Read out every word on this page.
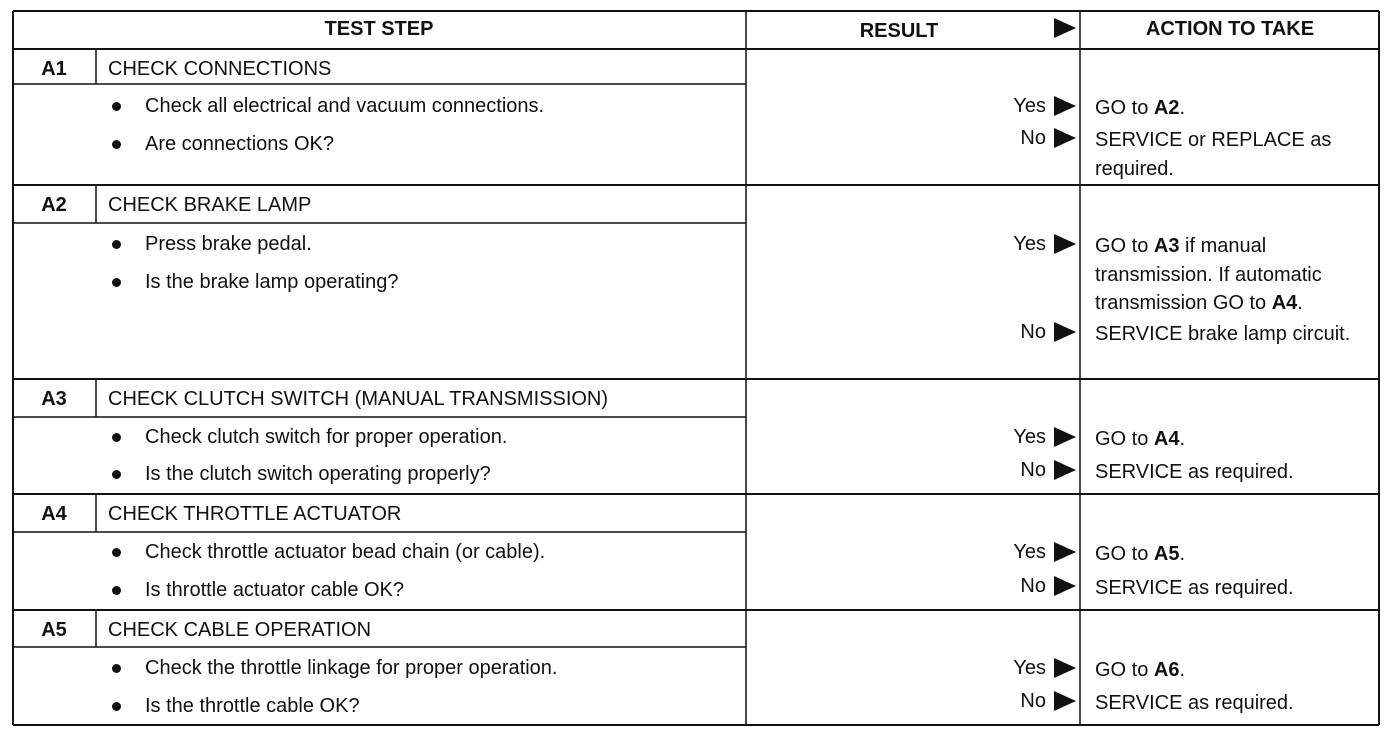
TEST STEP	RESULT	ACTION TO TAKE
A1	CHECK CONNECTIONS
Check all electrical and vacuum connections.
Are connections OK?
Yes GO to A2.
No SERVICE or REPLACE as required.
A2	CHECK BRAKE LAMP
Press brake pedal.
Is the brake lamp operating?
Yes GO to A3 if manual transmission. If automatic transmission GO to A4.
No SERVICE brake lamp circuit.
A3	CHECK CLUTCH SWITCH (MANUAL TRANSMISSION)
Check clutch switch for proper operation.
Is the clutch switch operating properly?
Yes GO to A4.
No SERVICE as required.
A4	CHECK THROTTLE ACTUATOR
Check throttle actuator bead chain (or cable).
Is throttle actuator cable OK?
Yes GO to A5.
No SERVICE as required.
A5	CHECK CABLE OPERATION
Check the throttle linkage for proper operation.
Is the throttle cable OK?
Yes GO to A6.
No SERVICE as required.
